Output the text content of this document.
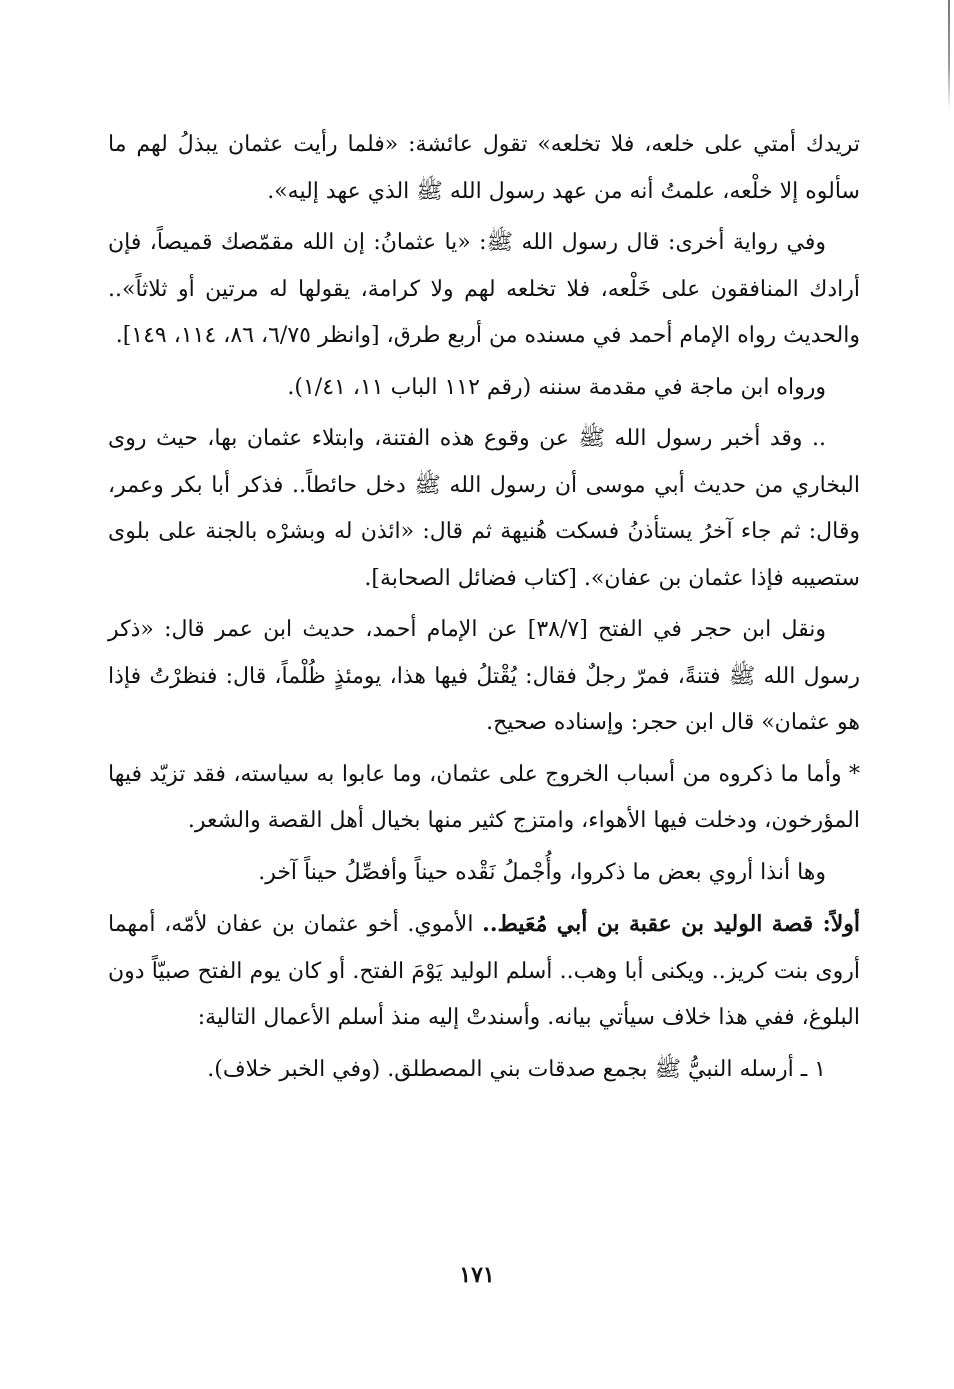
تريدك أمتي على خلعه، فلا تخلعه» تقول عائشة: «فلما رأيت عثمان يبذلُ لهم ما سألوه إلا خلْعه، علمتُ أنه من عهد رسول الله ﷺ الذي عهد إليه».

وفي رواية أخرى: قال رسول الله ﷺ: «يا عثمانُ: إن الله مقمّصك قميصاً، فإن أرادك المنافقون على خَلْعه، فلا تخلعه لهم ولا كرامة، يقولها له مرتين أو ثلاثاً».. والحديث رواه الإمام أحمد في مسنده من أربع طرق، [وانظر ٦/٧٥، ٨٦، ١١٤، ١٤٩].

ورواه ابن ماجة في مقدمة سننه (رقم ١١٢ الباب ١١، ١/٤١).

.. وقد أخبر رسول الله ﷺ عن وقوع هذه الفتنة، وابتلاء عثمان بها، حيث روى البخاري من حديث أبي موسى أن رسول الله ﷺ دخل حائطاً.. فذكر أبا بكر وعمر، وقال: ثم جاء آخرُ يستأذنُ فسكت هُنيهة ثم قال: «ائذن له وبشرْه بالجنة على بلوى ستصيبه فإذا عثمان بن عفان». [كتاب فضائل الصحابة].

ونقل ابن حجر في الفتح [٣٨/٧] عن الإمام أحمد، حديث ابن عمر قال: «ذكر رسول الله ﷺ فتنةً، فمرّ رجلٌ فقال: يُقْتلُ فيها هذا، يومئذٍ ظُلْماً، قال: فنظرْتُ فإذا هو عثمان» قال ابن حجر: وإسناده صحيح.

* وأما ما ذكروه من أسباب الخروج على عثمان، وما عابوا به سياسته، فقد تزيّد فيها المؤرخون، ودخلت فيها الأهواء، وامتزج كثير منها بخيال أهل القصة والشعر.

وها أنذا أروي بعض ما ذكروا، وأُجْملُ نَقْده حيناً وأفصِّلُ حيناً آخر.

أولاً: قصة الوليد بن عقبة بن أبي مُعَيط.. الأموي. أخو عثمان بن عفان لأمّه، أمهما أروى بنت كريز.. ويكنى أبا وهب.. أسلم الوليد يَوْمَ الفتح. أو كان يوم الفتح صبيّاً دون البلوغ، ففي هذا خلاف سيأتي بيانه. وأسندتْ إليه منذ أسلم الأعمال التالية:

١ ـ أرسله النبيُّ ﷺ بجمع صدقات بني المصطلق. (وفي الخبر خلاف).

١٧١
